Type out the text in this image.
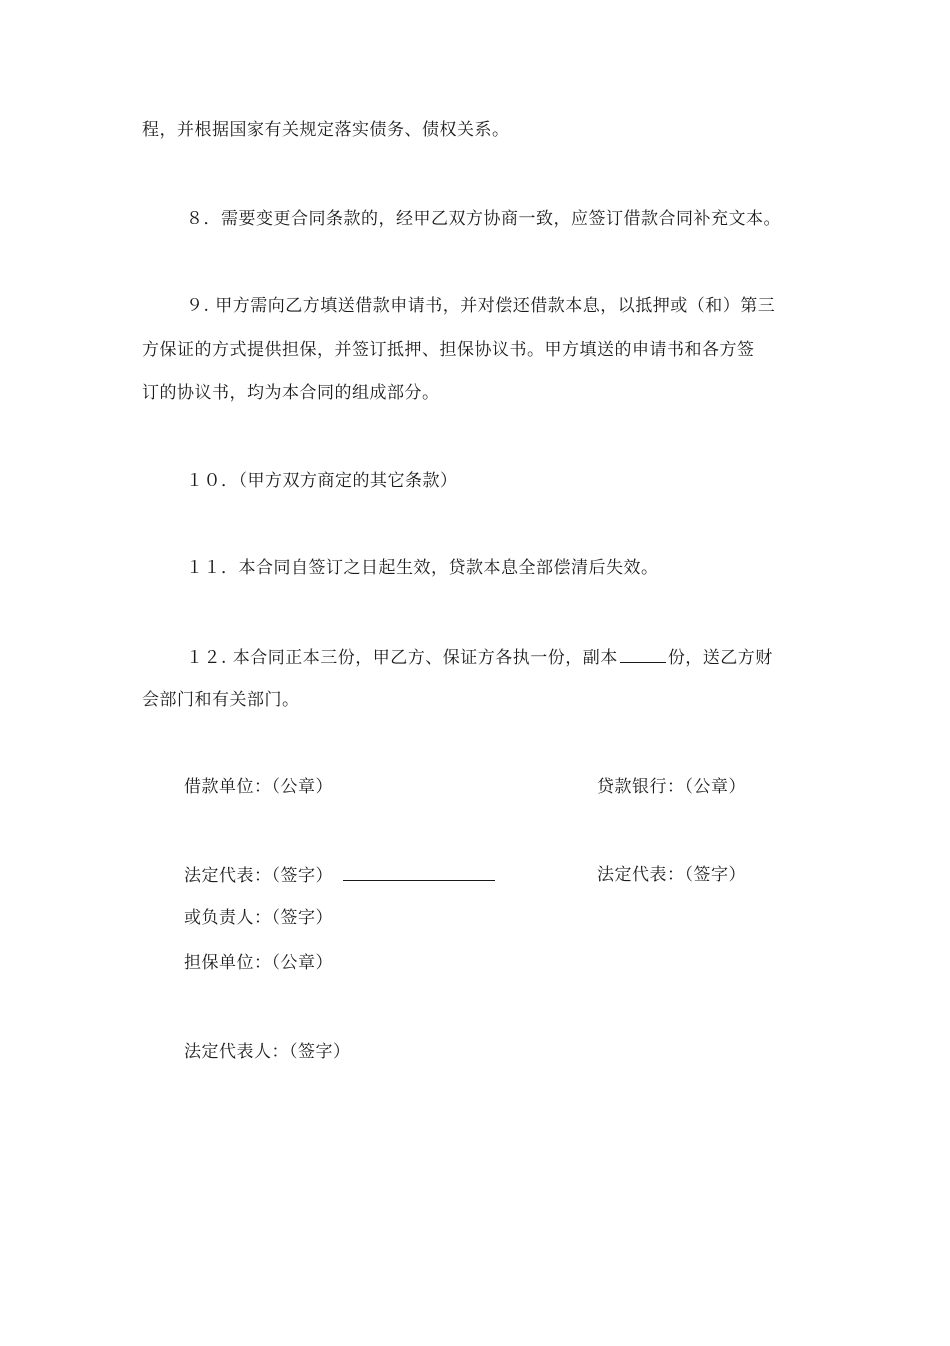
程，并根据国家有关规定落实债务、债权关系。
８．需要变更合同条款的，经甲乙双方协商一致，应签订借款合同补充文本。
９. 甲方需向乙方填送借款申请书，并对偿还借款本息，以抵押或（和）第三
方保证的方式提供担保，并签订抵押、担保协议书。甲方填送的申请书和各方签
订的协议书，均为本合同的组成部分。
１０．（甲方双方商定的其它条款）
１１．本合同自签订之日起生效，贷款本息全部偿清后失效。
１２. 本合同正本三份，甲乙方、保证方各执一份，副本	份，送乙方财
会部门和有关部门。
借款单位：（公章）	贷款银行：（公章）
法定代表：（签字）	法定代表：（签字）
或负责人：（签字）
担保单位：（公章）
法定代表人：（签字）
